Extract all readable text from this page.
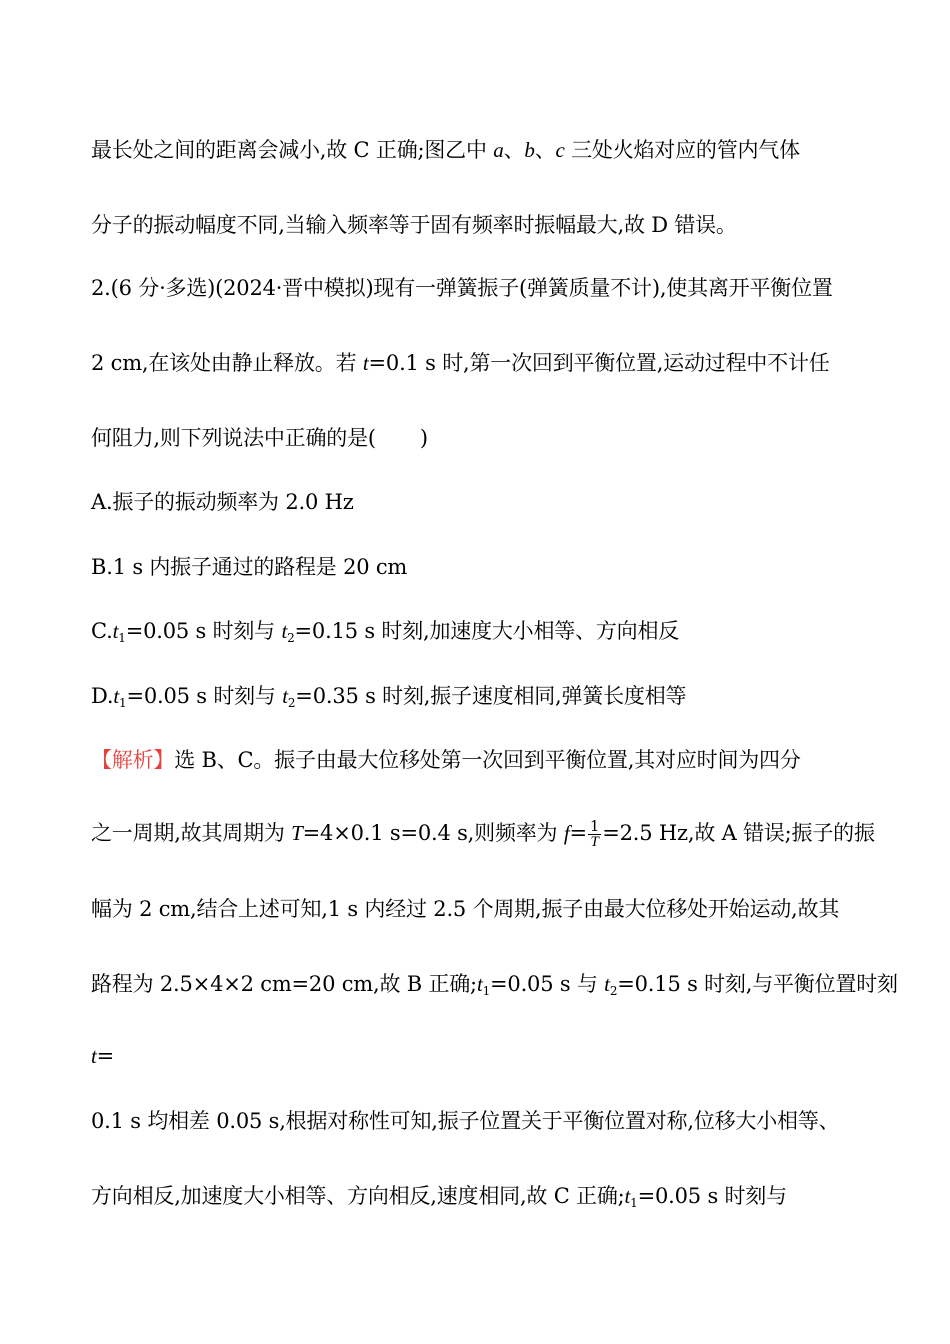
最长处之间的距离会减小,故 C 正确;图乙中 a、b、c 三处火焰对应的管内气体
分子的振动幅度不同,当输入频率等于固有频率时振幅最大,故 D 错误。
2.(6 分·多选)(2024·晋中模拟)现有一弹簧振子(弹簧质量不计),使其离开平衡位置
2 cm,在该处由静止释放。若 t=0.1 s 时,第一次回到平衡位置,运动过程中不计任
何阻力,则下列说法中正确的是( )
A.振子的振动频率为 2.0 Hz
B.1 s 内振子通过的路程是 20 cm
$C.t_1=0.05$ s 时刻与 $t_2=0.15$ s 时刻,加速度大小相等、方向相反
$D.t_1=0.05$ s 时刻与 $t_2=0.35$ s 时刻,振子速度相同,弹簧长度相等
【解析】选 B、C。振子由最大位移处第一次回到平衡位置,其对应时间为四分
之一周期,故其周期为 T=4×0.1 s=0.4 s,则频率为 $f= \frac{1}{T} =2.5$ Hz,故 A 错误;振子的振
幅为 2 cm,结合上述可知,1 s 内经过 2.5 个周期,振子由最大位移处开始运动,故其
路程为 2.5×4×2 cm=20 cm,故 B 正确$;t_1=0.05$ s 与 $t_2=0.15$ s 时刻,与平衡位置时刻
t=
0.1 s 均相差 0.05 s,根据对称性可知,振子位置关于平衡位置对称,位移大小相等、
方向相反,加速度大小相等、方向相反,速度相同,故 C 正确$;t_1=0.05$ s 时刻与
